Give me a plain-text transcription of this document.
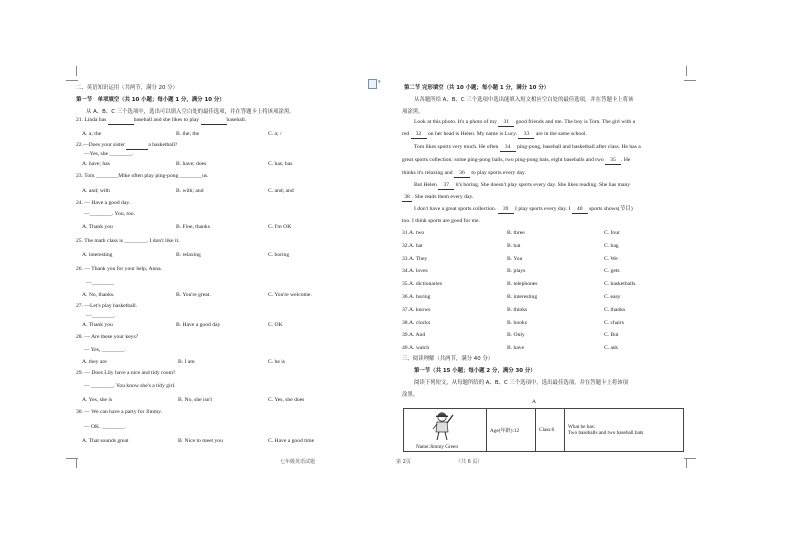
▾
二、英语知识运用（共两节，满分 20 分）
第一节　单项填空（共 10 小题；每小题 1 分，满分 10 分）
从 A、B、C 三个选项中，选出可以填入空白处的最佳选项，并在答题卡上将该项涂黑。
21. Linda has	baseball and she likes to play	baseball.
A. a; the	B. the; the	C. a; /
22.—Does your sister	a basketball?
—Yes, she ________.
A. have; has	B. have; does	C. has; has
23. Tom ________Mike often play ping-pong ________us.
A. and; with	B. with; and	C. and; and
24. — Have a good day.
—________. You, too.
A. Thank you	B. Fine, thanks	C. I'm OK
25. The math class is ________. I don't like it.
A. interesting	B. relaxing	C. boring
26. — Thank you for your help, Anna.
—________
A. No, thanks.	B. You're great.	C. You're welcome.
27. —Let's play basketball.
—________.
A. Thank you	B. Have a good day	C. OK
28. — Are these your keys?
— Yes, ________.
A. they are	B. I am	C. he is
29. — Does Lily have a nice and tidy room?
— ________. You know she's a tidy girl.
A. Yes, she is	B. No, she isn't	C. Yes, she does
30. — We can have a party for Jimmy.
— OK. ________.
A. That sounds great	B. Nice to meet you	C. Have a good time
七年级英语试题
第二节 完形填空（共 10 小题；每小题 1 分，满分 10 分）
从各题所给 A、B、C 三个选项中选出能填入短文相应空白处的最佳选项，并在答题卡上将该
项涂黑。
Look at this photo. It's a photo of my 31 good friends and me. The boy is Tom. The girl with a
red 32 on her head is Helen. My name is Lucy. 33 are in the same school.
Tom likes sports very much. He often 34 ping-pong, baseball and basketball after class. He has a
great sports collection: some ping-pong balls, two ping-pong bats, eight baseballs and two 35 . He
thinks it's relaxing and 36 to play sports every day.
But Helen 37 it's boring. She doesn't play sports every day. She likes reading. She has many
38 . She reads them every day.
I don't have a great sports collection. 39 I play sports every day. I 40 sports shows(节目)
too. I think sports are good for me.
31.A. two	B. three	C. four
32.A. hat	B. bat	C. bag
33.A. They	B. You	C. We
34.A. loves	B. plays	C. gets
35.A. dictionaries	B. telephones	C. basketballs
36.A. boring	B. interesting	C. easy
37.A. knows	B. thinks	C. thanks
38.A. clocks	B. books	C. chairs
39.A. And	B. Only	C. But
40.A. watch	B. have	C. ask
三、阅读理解（共两节，满分 40 分）
第一节（共 15 小题；每小题 2 分，满分 30 分）
阅读下列短文，从每题所给的 A、B、C 三个选项中，选出最佳选项，并在答题卡上将该项
涂黑。
A
Name:Jimmy Green
	Age(年龄):12	Class:6	What he has:
Two baseballs and two baseball bats
第 2页	（共 6 页）
